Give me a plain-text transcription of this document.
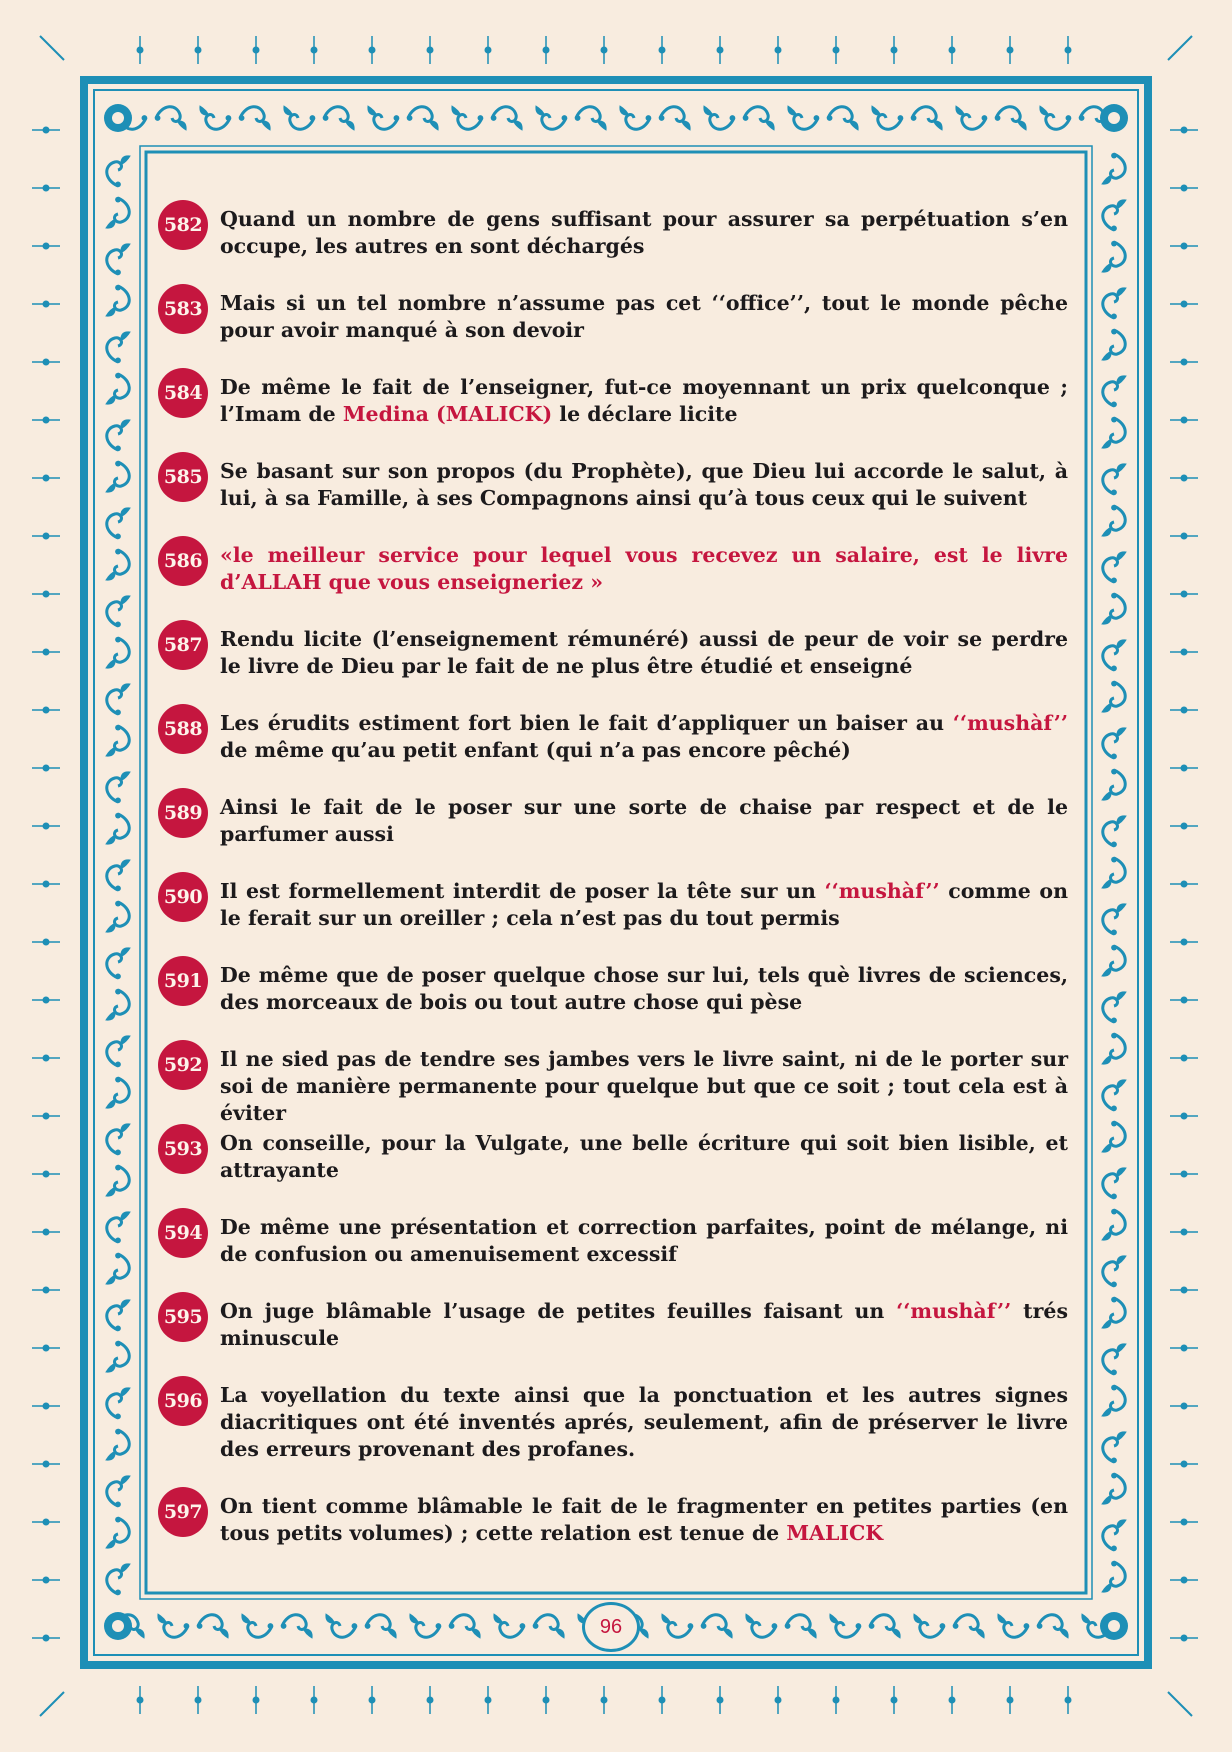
582 Quand un nombre de gens suffisant pour assurer sa perpétuation s’en occupe, les autres en sont déchargés

583 Mais si un tel nombre n’assume pas cet ‘‘office’’, tout le monde pêche pour avoir manqué à son devoir

584 De même le fait de l’enseigner, fut-ce moyennant un prix quelconque ; l’Imam de Medina (MALICK) le déclare licite

585 Se basant sur son propos (du Prophète), que Dieu lui accorde le salut, à lui, à sa Famille, à ses Compagnons ainsi qu’à tous ceux qui le suivent

586 «le meilleur service pour lequel vous recevez un salaire, est le livre d’ALLAH que vous enseigneriez »

587 Rendu licite (l’enseignement rémunéré) aussi de peur de voir se perdre le livre de Dieu par le fait de ne plus être étudié et enseigné

588 Les érudits estiment fort bien le fait d’appliquer un baiser au ‘‘mushàf’’ de même qu’au petit enfant (qui n’a pas encore pêché)

589 Ainsi le fait de le poser sur une sorte de chaise par respect et de le parfumer aussi

590 Il est formellement interdit de poser la tête sur un ‘‘mushàf’’ comme on le ferait sur un oreiller ; cela n’est pas du tout permis

591 De même que de poser quelque chose sur lui, tels què livres de sciences, des morceaux de bois ou tout autre chose qui pèse

592 Il ne sied pas de tendre ses jambes vers le livre saint, ni de le porter sur soi de manière permanente pour quelque but que ce soit ; tout cela est à éviter

593 On conseille, pour la Vulgate, une belle écriture qui soit bien lisible, et attrayante

594 De même une présentation et correction parfaites, point de mélange, ni de confusion ou amenuisement excessif

595 On juge blâmable l’usage de petites feuilles faisant un ‘‘mushàf’’ trés minuscule

596 La voyellation du texte ainsi que la ponctuation et les autres signes diacritiques ont été inventés aprés, seulement, afin de préserver le livre des erreurs provenant des profanes.

597 On tient comme blâmable le fait de le fragmenter en petites parties (en tous petits volumes) ; cette relation est tenue de MALICK

96
